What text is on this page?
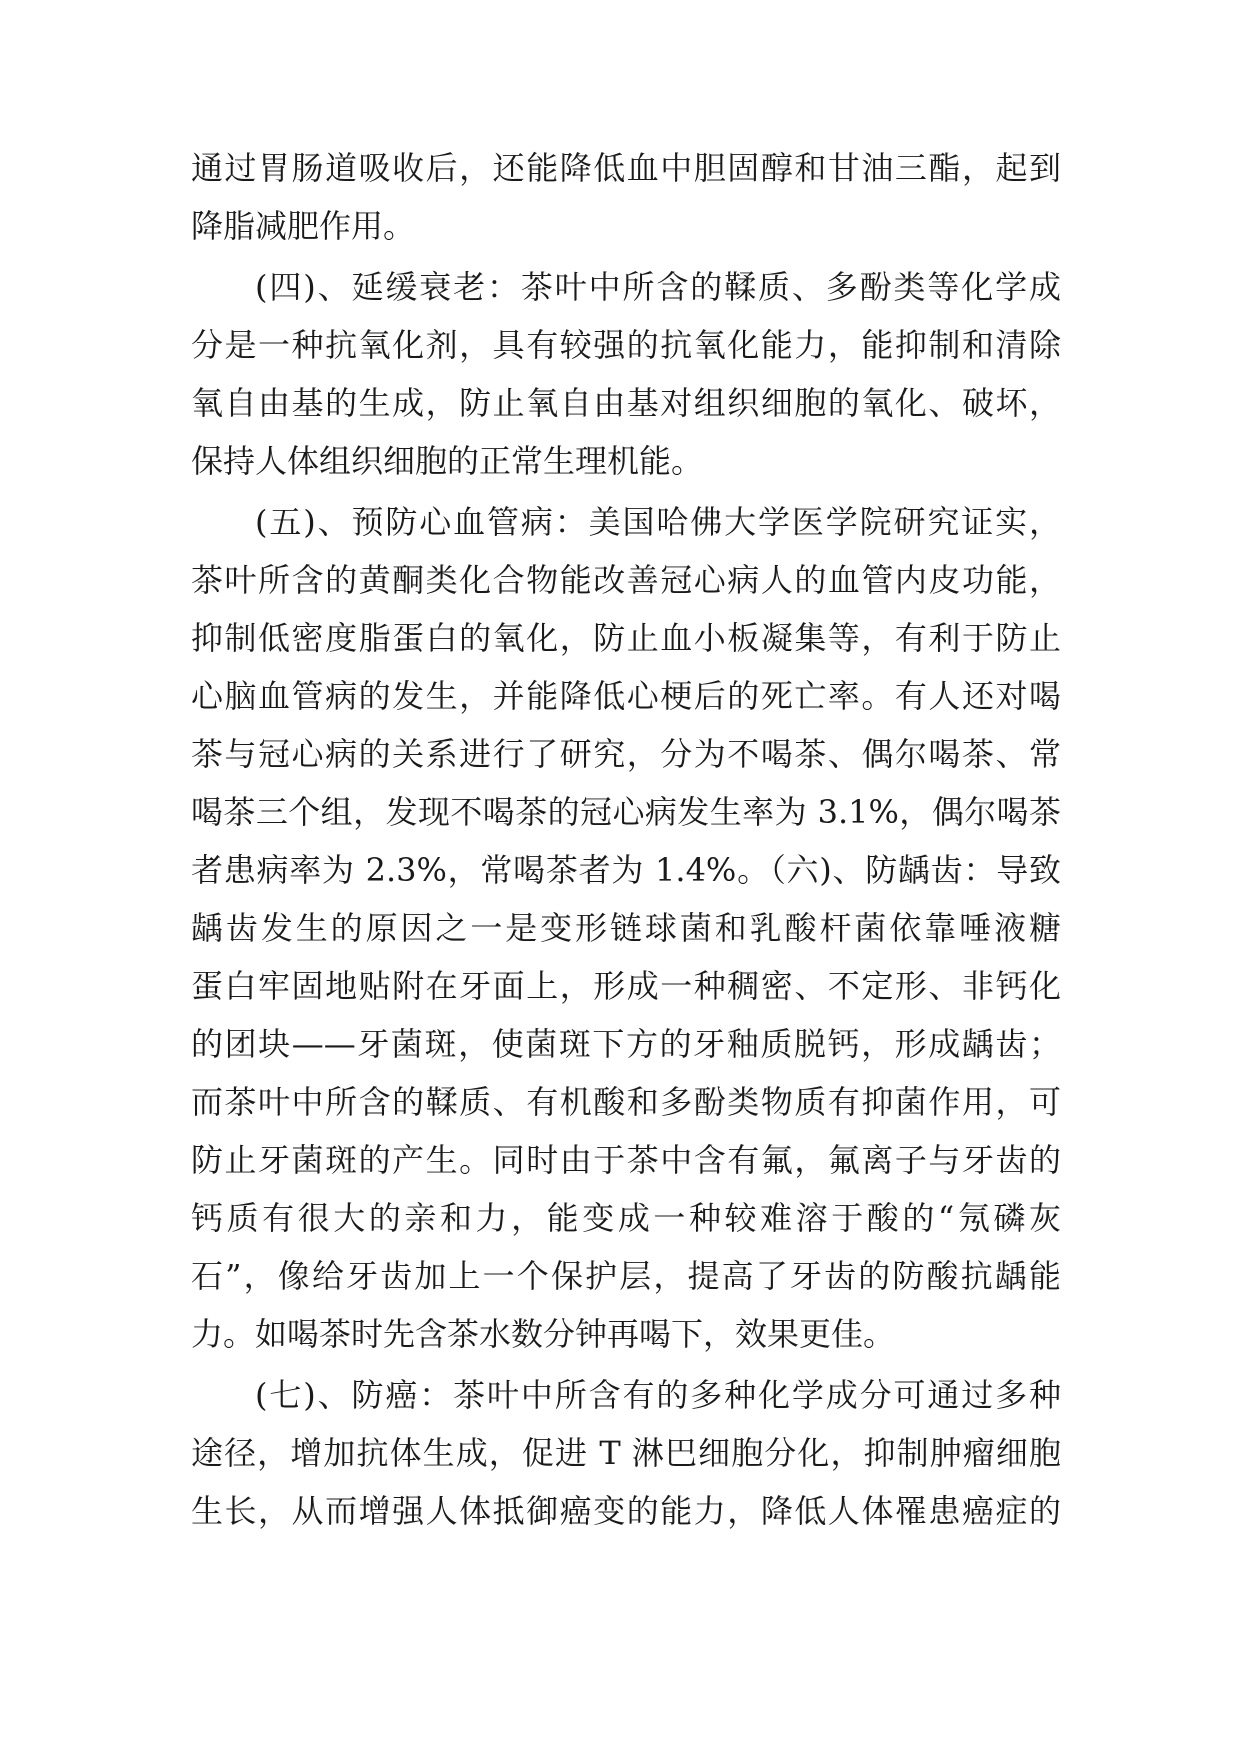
通过胃肠道吸收后，还能降低血中胆固醇和甘油三酯，起到
降脂减肥作用。
(四)、延缓衰老：茶叶中所含的鞣质、多酚类等化学成
分是一种抗氧化剂，具有较强的抗氧化能力，能抑制和清除
氧自由基的生成，防止氧自由基对组织细胞的氧化、破坏，
保持人体组织细胞的正常生理机能。
(五)、预防心血管病：美国哈佛大学医学院研究证实，
茶叶所含的黄酮类化合物能改善冠心病人的血管内皮功能，
抑制低密度脂蛋白的氧化，防止血小板凝集等，有利于防止
心脑血管病的发生，并能降低心梗后的死亡率。有人还对喝
茶与冠心病的关系进行了研究，分为不喝茶、偶尔喝茶、常
喝茶三个组，发现不喝茶的冠心病发生率为 3.1%，偶尔喝茶
者患病率为 2.3%，常喝茶者为 1.4%。（六)、防龋齿：导致
龋齿发生的原因之一是变形链球菌和乳酸杆菌依靠唾液糖
蛋白牢固地贴附在牙面上，形成一种稠密、不定形、非钙化
的团块——牙菌斑，使菌斑下方的牙釉质脱钙，形成龋齿；
而茶叶中所含的鞣质、有机酸和多酚类物质有抑菌作用，可
防止牙菌斑的产生。同时由于茶中含有氟，氟离子与牙齿的
钙质有很大的亲和力，能变成一种较难溶于酸的“氖磷灰
石”，像给牙齿加上一个保护层，提高了牙齿的防酸抗龋能
力。如喝茶时先含茶水数分钟再喝下，效果更佳。
(七)、防癌：茶叶中所含有的多种化学成分可通过多种
途径，增加抗体生成，促进 T 淋巴细胞分化，抑制肿瘤细胞
生长，从而增强人体抵御癌变的能力，降低人体罹患癌症的
